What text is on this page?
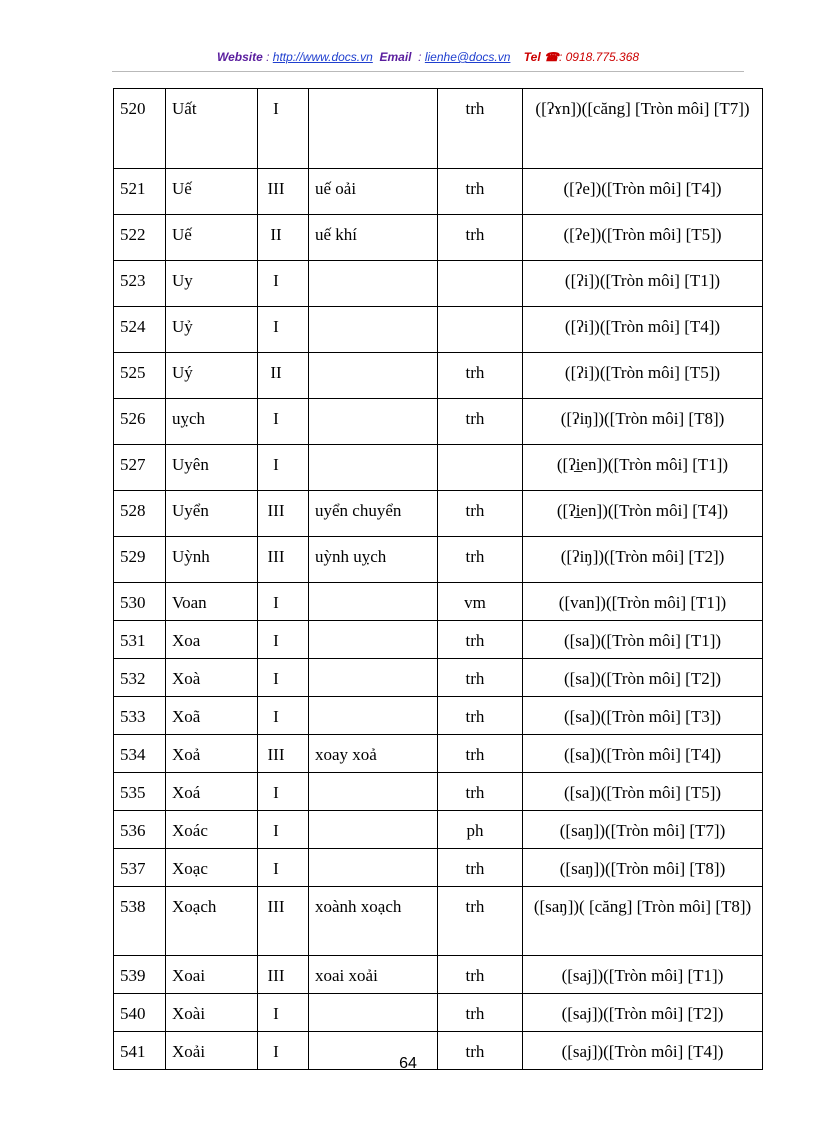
Website : http://www.docs.vn Email  : lienhe@docs.vn Tel ☎: 0918.775.368
520	Uất	I		trh	([ʔɤn])([căng] [Tròn môi] [T7])
521	Uế	III	uế oải	trh	([ʔe])([Tròn môi] [T4])
522	Uế	II	uế khí	trh	([ʔe])([Tròn môi] [T5])
523	Uy	I			([ʔi])([Tròn môi] [T1])
524	Uỷ	I			([ʔi])([Tròn môi] [T4])
525	Uý	II		trh	([ʔi])([Tròn môi] [T5])
526	uỵch	I		trh	([ʔiŋ])([Tròn môi] [T8])
527	Uyên	I			([ʔi̲en])([Tròn môi] [T1])
528	Uyển	III	uyển chuyển	trh	([ʔi̲en])([Tròn môi] [T4])
529	Uỳnh	III	uỳnh uỵch	trh	([ʔiŋ])([Tròn môi] [T2])
530	Voan	I		vm	([van])([Tròn môi] [T1])
531	Xoa	I		trh	([sa])([Tròn môi] [T1])
532	Xoà	I		trh	([sa])([Tròn môi] [T2])
533	Xoã	I		trh	([sa])([Tròn môi] [T3])
534	Xoả	III	xoay xoả	trh	([sa])([Tròn môi] [T4])
535	Xoá	I		trh	([sa])([Tròn môi] [T5])
536	Xoác	I		ph	([saŋ])([Tròn môi] [T7])
537	Xoạc	I		trh	([saŋ])([Tròn môi] [T8])
538	Xoạch	III	xoành xoạch	trh	([saŋ])( [căng] [Tròn môi] [T8])
539	Xoai	III	xoai xoải	trh	([saj])([Tròn môi] [T1])
540	Xoài	I		trh	([saj])([Tròn môi] [T2])
541	Xoải	I		trh	([saj])([Tròn môi] [T4])
64
